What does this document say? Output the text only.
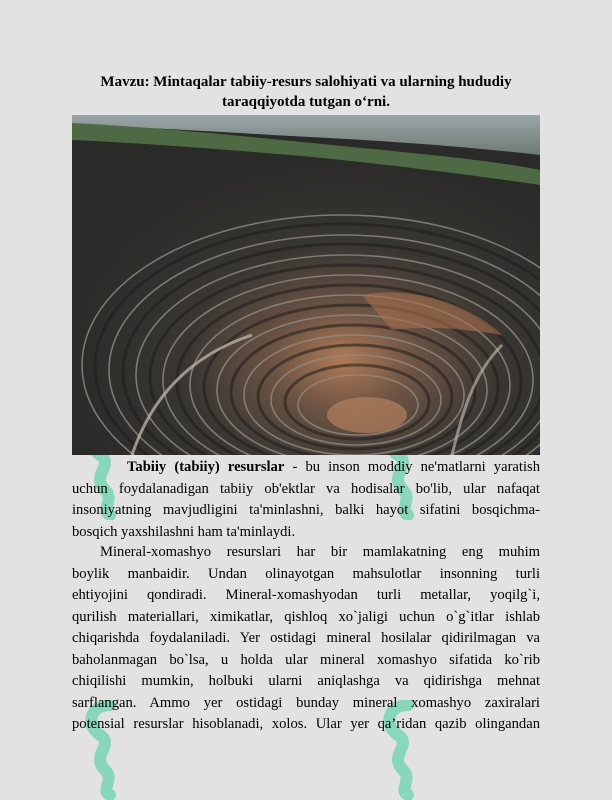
Mavzu: Mintaqalar tabiiy-resurs salohiyati va ularning hududiy
taraqqiyotda tutgan o‘rni.
Tabiiy (tabiiy) resurslar - bu inson moddiy ne'matlarni yaratish
uchun foydalanadigan tabiiy ob'ektlar va hodisalar bo'lib, ular nafaqat
insoniyatning mavjudligini ta'minlashni, balki hayot sifatini bosqichma-
bosqich yaxshilashni ham ta'minlaydi.
Mineral-xomashyo resurslari har bir mamlakatning eng muhim
boylik manbaidir. Undan olinayotgan mahsulotlar insonning turli
ehtiyojini qondiradi. Mineral-xomashyodan turli metallar, yoqilg`i,
qurilish materiallari, ximikatlar, qishloq xo`jaligi uchun o`g`itlar ishlab
chiqarishda foydalaniladi. Yer ostidagi mineral hosilalar qidirilmagan va
baholanmagan bo`lsa, u holda ular mineral xomashyo sifatida ko`rib
chiqilishi mumkin, holbuki ularni aniqlashga va qidirishga mehnat
sarflangan. Ammo yer ostidagi bunday mineral xomashyo zaxiralari
potensial resurslar hisoblanadi, xolos. Ular yer qa’ridan qazib olingandan
